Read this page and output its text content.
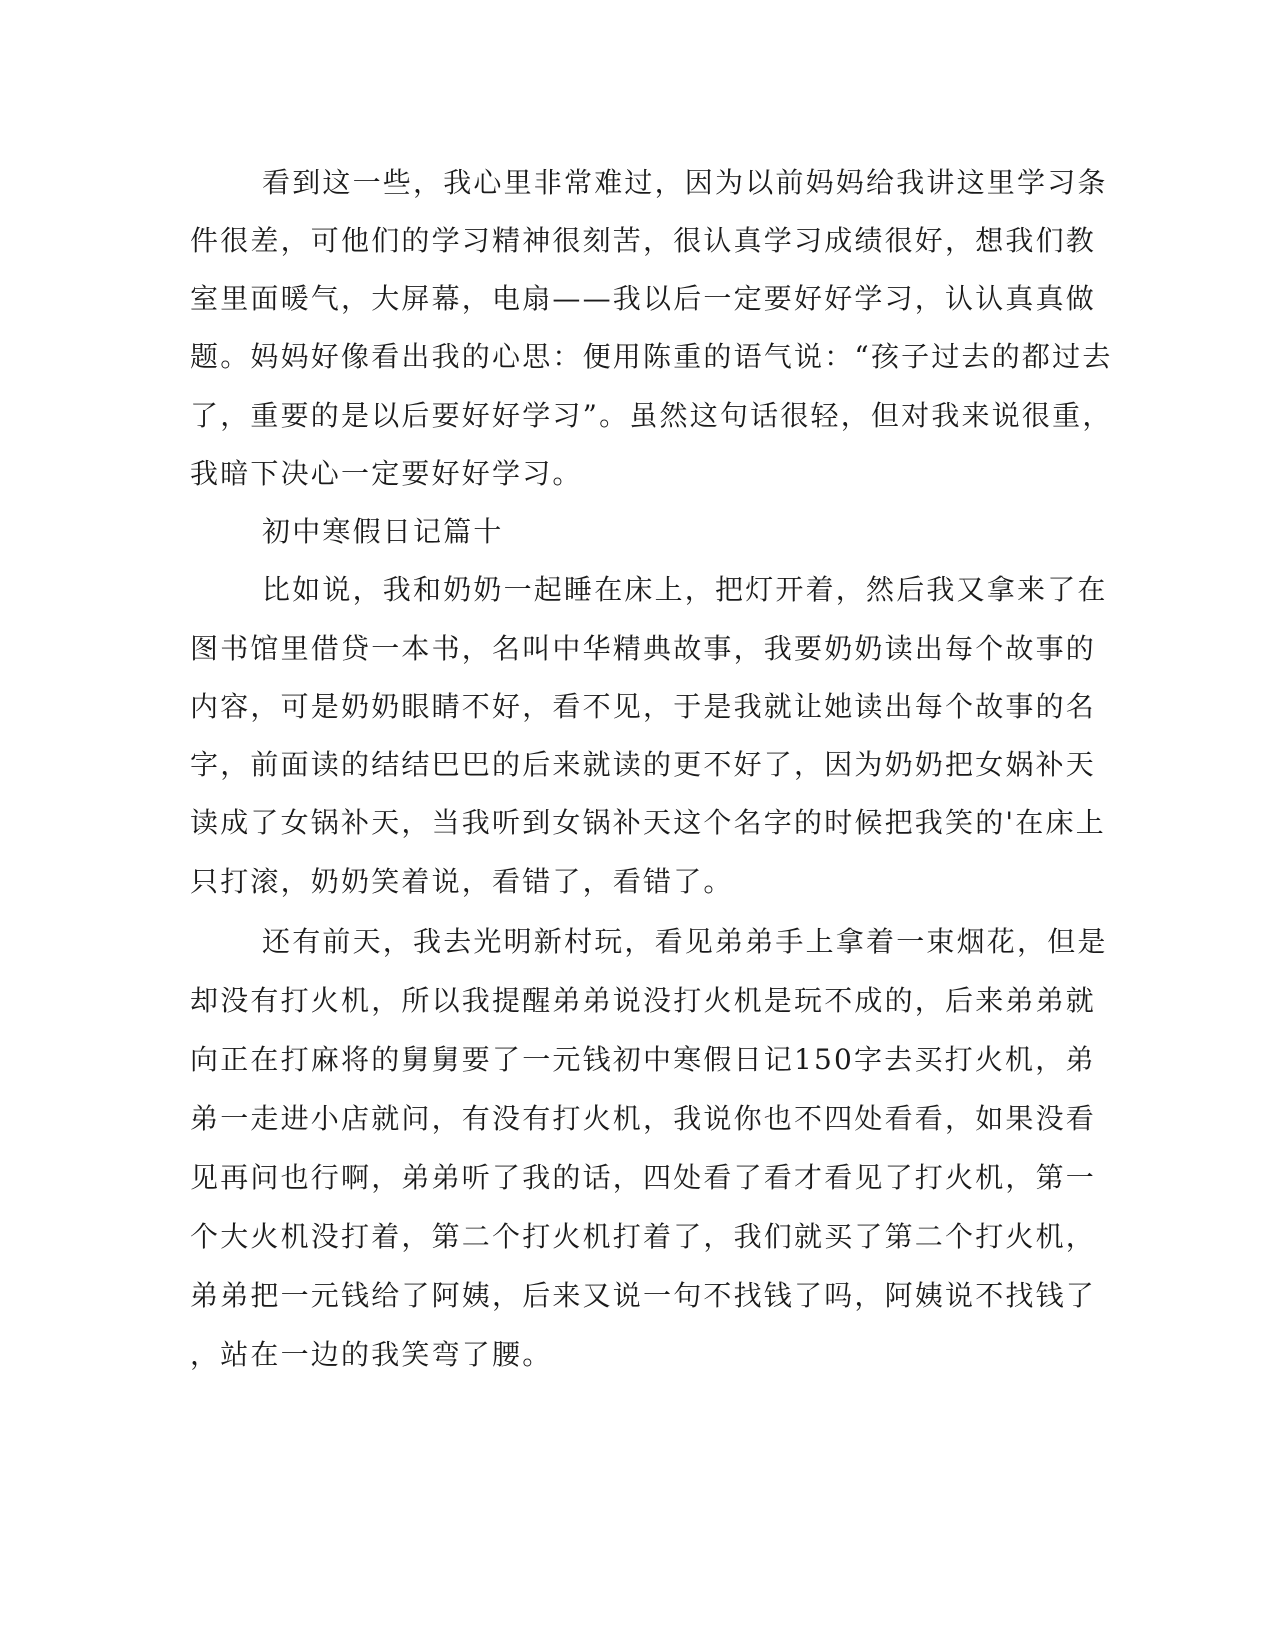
看到这一些，我心里非常难过，因为以前妈妈给我讲这里学习条
件很差，可他们的学习精神很刻苦，很认真学习成绩很好，想我们教
室里面暖气，大屏幕，电扇——我以后一定要好好学习，认认真真做
题。妈妈好像看出我的心思：便用陈重的语气说：“孩子过去的都过去
了，重要的是以后要好好学习”。虽然这句话很轻，但对我来说很重，
我暗下决心一定要好好学习。
初中寒假日记篇十
比如说，我和奶奶一起睡在床上，把灯开着，然后我又拿来了在
图书馆里借贷一本书，名叫中华精典故事，我要奶奶读出每个故事的
内容，可是奶奶眼睛不好，看不见，于是我就让她读出每个故事的名
字，前面读的结结巴巴的后来就读的更不好了，因为奶奶把女娲补天
读成了女锅补天，当我听到女锅补天这个名字的时候把我笑的'在床上
只打滚，奶奶笑着说，看错了，看错了。
还有前天，我去光明新村玩，看见弟弟手上拿着一束烟花，但是
却没有打火机，所以我提醒弟弟说没打火机是玩不成的，后来弟弟就
向正在打麻将的舅舅要了一元钱初中寒假日记150字去买打火机，弟
弟一走进小店就问，有没有打火机，我说你也不四处看看，如果没看
见再问也行啊，弟弟听了我的话，四处看了看才看见了打火机，第一
个大火机没打着，第二个打火机打着了，我们就买了第二个打火机，
弟弟把一元钱给了阿姨，后来又说一句不找钱了吗，阿姨说不找钱了
，站在一边的我笑弯了腰。
